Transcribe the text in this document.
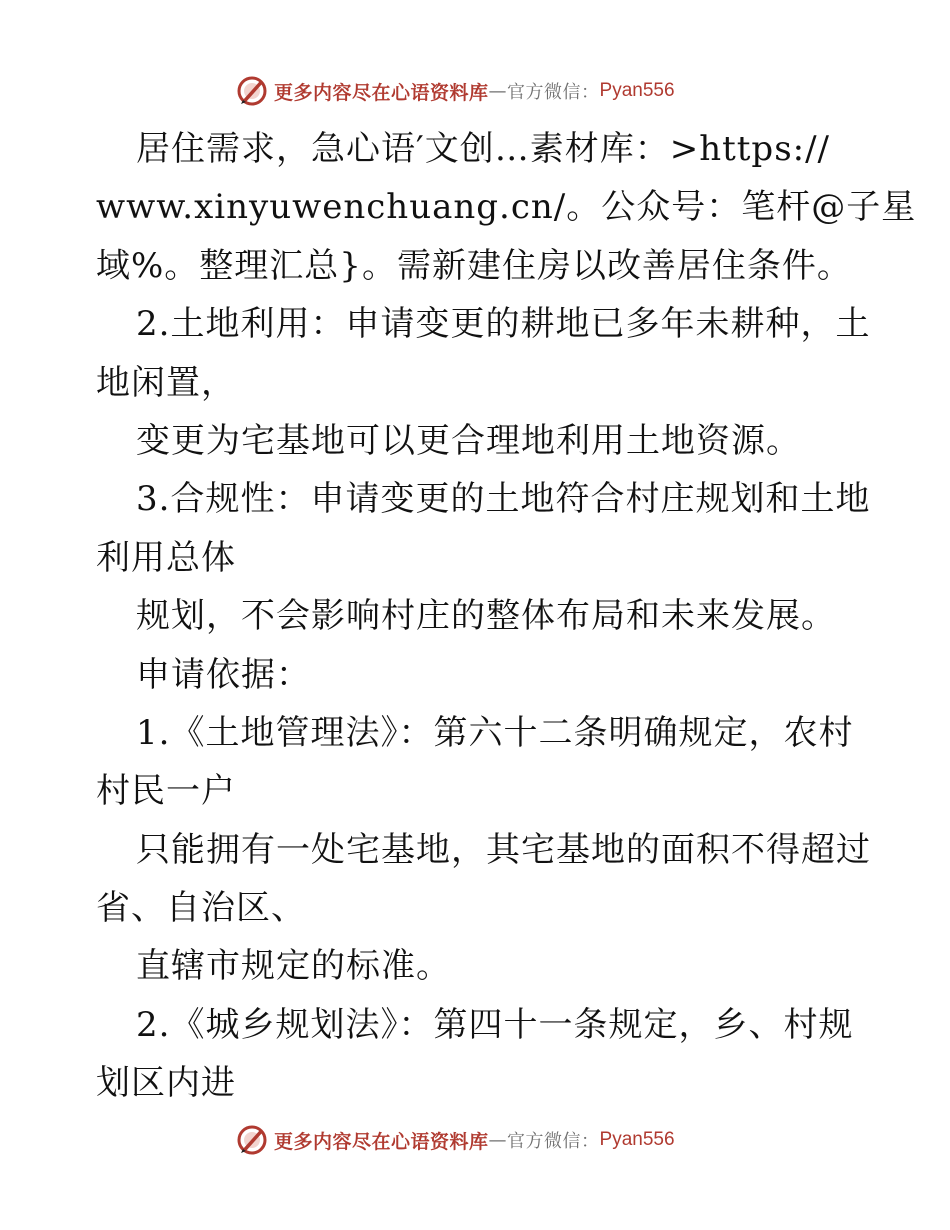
更多内容尽在心语资料库 — 官方微信： Pyan556
居住需求，急心语′文创…素材库：>https://
www.xinyuwenchuang.cn/。公众号：笔杆@子星
域%。整理汇总}。需新建住房以改善居住条件。
2.土地利用：申请变更的耕地已多年未耕种，土
地闲置，
变更为宅基地可以更合理地利用土地资源。
3.合规性：申请变更的土地符合村庄规划和土地
利用总体
规划，不会影响村庄的整体布局和未来发展。
申请依据：
1.《土地管理法》：第六十二条明确规定，农村
村民一户
只能拥有一处宅基地，其宅基地的面积不得超过
省、自治区、
直辖市规定的标准。
2.《城乡规划法》：第四十一条规定，乡、村规
划区内进
更多内容尽在心语资料库 — 官方微信： Pyan556
